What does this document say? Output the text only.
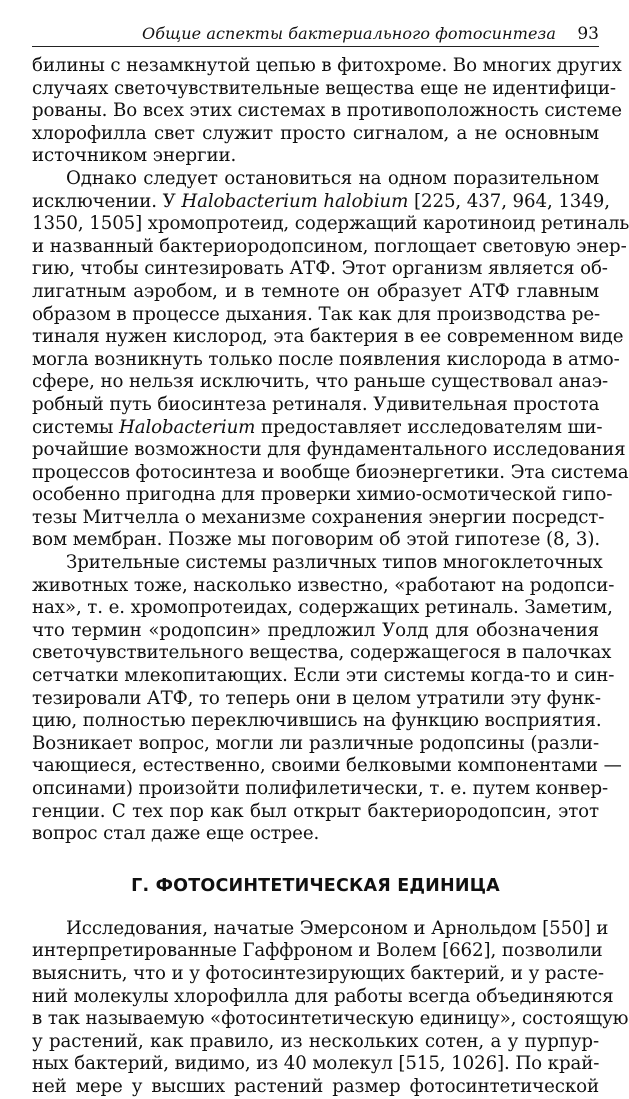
Общие аспекты бактериального фотосинтеза 93
билины с незамкнутой цепью в фитохроме. Во многих других
случаях светочувствительные вещества еще не идентифици-
рованы. Во всех этих системах в противоположность системе
хлорофилла свет служит просто сигналом, а не основным
источником энергии.
Однако следует остановиться на одном поразительном
исключении. У Halobacterium halobium [225, 437, 964, 1349,
1350, 1505] хромопротеид, содержащий каротиноид ретиналь
и названный бактериородопсином, поглощает световую энер-
гию, чтобы синтезировать АТФ. Этот организм является об-
лигатным аэробом, и в темноте он образует АТФ главным
образом в процессе дыхания. Так как для производства ре-
тиналя нужен кислород, эта бактерия в ее современном виде
могла возникнуть только после появления кислорода в атмо-
сфере, но нельзя исключить, что раньше существовал анаэ-
робный путь биосинтеза ретиналя. Удивительная простота
системы Halobacterium предоставляет исследователям ши-
рочайшие возможности для фундаментального исследования
процессов фотосинтеза и вообще биоэнергетики. Эта система
особенно пригодна для проверки химио-осмотической гипо-
тезы Митчелла о механизме сохранения энергии посредст-
вом мембран. Позже мы поговорим об этой гипотезе (8, 3).
Зрительные системы различных типов многоклеточных
животных тоже, насколько известно, «работают на родопси-
нах», т. е. хромопротеидах, содержащих ретиналь. Заметим,
что термин «родопсин» предложил Уолд для обозначения
светочувствительного вещества, содержащегося в палочках
сетчатки млекопитающих. Если эти системы когда-то и син-
тезировали АТФ, то теперь они в целом утратили эту функ-
цию, полностью переключившись на функцию восприятия.
Возникает вопрос, могли ли различные родопсины (разли-
чающиеся, естественно, своими белковыми компонентами —
опсинами) произойти полифилетически, т. е. путем конвер-
генции. С тех пор как был открыт бактериородопсин, этот
вопрос стал даже еще острее.
Г. ФОТОСИНТЕТИЧЕСКАЯ ЕДИНИЦА
Исследования, начатые Эмерсоном и Арнольдом [550] и
интерпретированные Гаффроном и Волем [662], позволили
выяснить, что и у фотосинтезирующих бактерий, и у расте-
ний молекулы хлорофилла для работы всегда объединяются
в так называемую «фотосинтетическую единицу», состоящую
у растений, как правило, из нескольких сотен, а у пурпур-
ных бактерий, видимо, из 40 молекул [515, 1026]. По край-
ней мере у высших растений размер фотосинтетической
